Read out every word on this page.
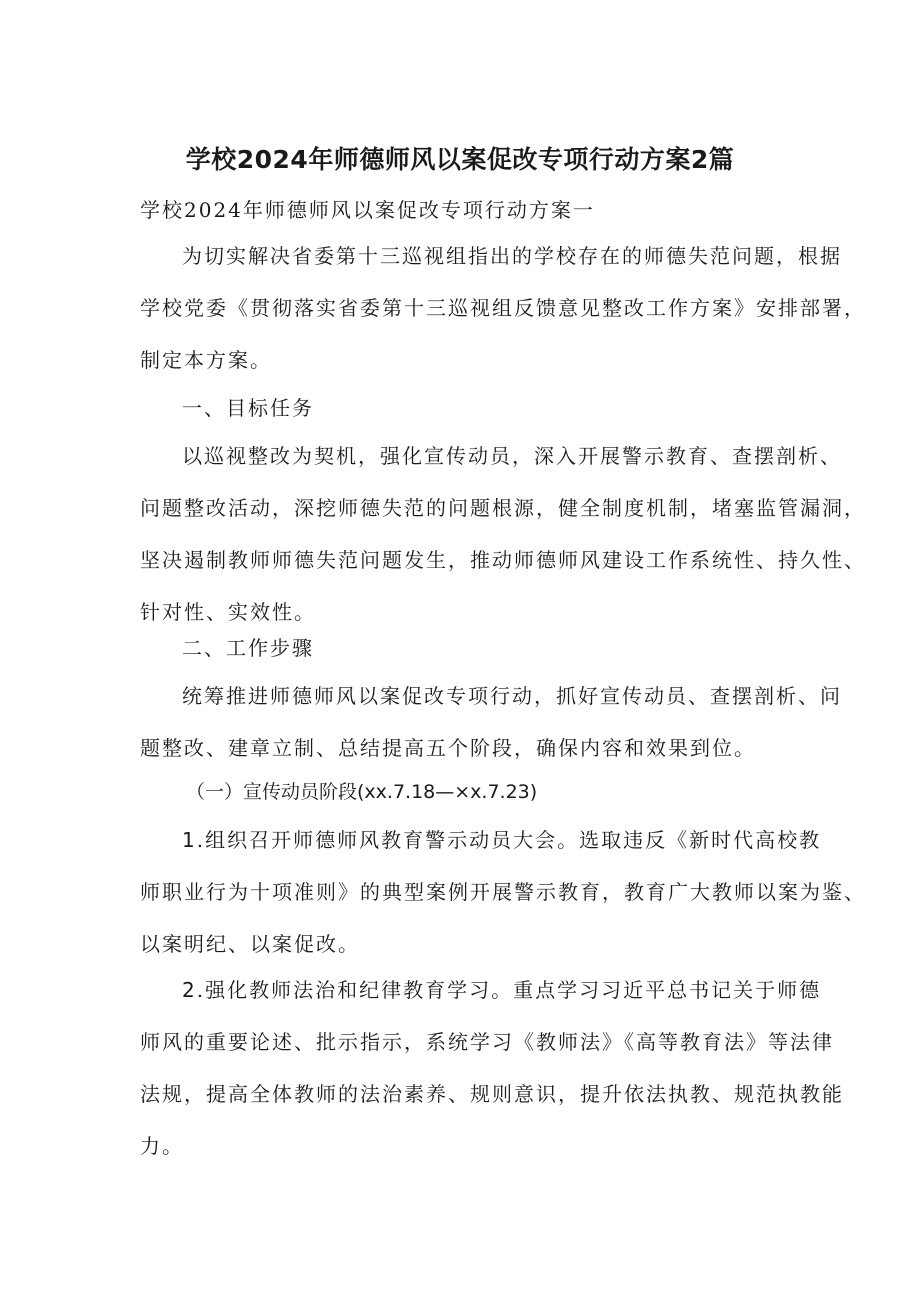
学校2024年师德师风以案促改专项行动方案2篇
学校2024年师德师风以案促改专项行动方案一
为切实解决省委第十三巡视组指出的学校存在的师德失范问题，根据
学校党委《贯彻落实省委第十三巡视组反馈意见整改工作方案》安排部署，
制定本方案。
一、目标任务
以巡视整改为契机，强化宣传动员，深入开展警示教育、查摆剖析、
问题整改活动，深挖师德失范的问题根源，健全制度机制，堵塞监管漏洞，
坚决遏制教师师德失范问题发生，推动师德师风建设工作系统性、持久性、
针对性、实效性。
二、工作步骤
统筹推进师德师风以案促改专项行动，抓好宣传动员、查摆剖析、问
题整改、建章立制、总结提高五个阶段，确保内容和效果到位。
（一）宣传动员阶段(xx.7.18—×x.7.23)
1.组织召开师德师风教育警示动员大会。选取违反《新时代高校教
师职业行为十项准则》的典型案例开展警示教育，教育广大教师以案为鉴、
以案明纪、以案促改。
2.强化教师法治和纪律教育学习。重点学习习近平总书记关于师德
师风的重要论述、批示指示，系统学习《教师法》《高等教育法》等法律
法规，提高全体教师的法治素养、规则意识，提升依法执教、规范执教能
力。
